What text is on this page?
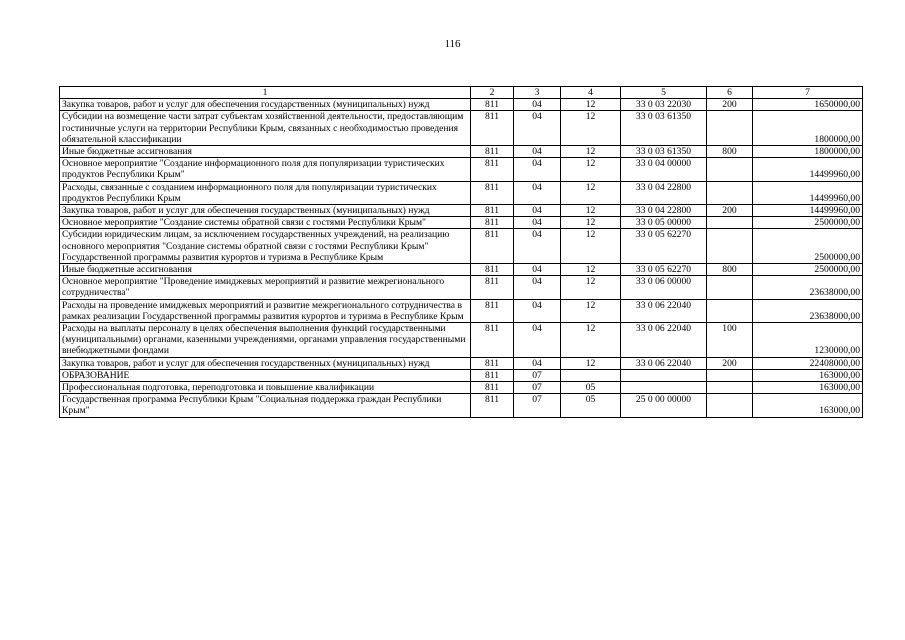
116
1	2	3	4	5	6	7
Закупка товаров, работ и услуг для обеспечения государственных (муниципальных) нужд	811	04	12	33 0 03 22030	200	1650000,00
Субсидии на возмещение части затрат субъектам хозяйственной деятельности, предоставляющим гостиничные услуги на территории Республики Крым, связанных с необходимостью проведения обязательной классификации	811	04	12	33 0 03 61350		1800000,00
Иные бюджетные ассигнования	811	04	12	33 0 03 61350	800	1800000,00
Основное мероприятие "Создание информационного поля для популяризации туристических продуктов Республики Крым"	811	04	12	33 0 04 00000		14499960,00
Расходы, связанные с созданием информационного поля для популяризации туристических продуктов Республики Крым	811	04	12	33 0 04 22800		14499960,00
Закупка товаров, работ и услуг для обеспечения государственных (муниципальных) нужд	811	04	12	33 0 04 22800	200	14499960,00
Основное мероприятие "Создание системы обратной связи с гостями Республики Крым"	811	04	12	33 0 05 00000		2500000,00
Субсидии юридическим лицам, за исключением государственных учреждений, на реализацию основного мероприятия "Создание системы обратной связи с гостями Республики Крым" Государственной программы развития курортов и туризма в Республике Крым	811	04	12	33 0 05 62270		2500000,00
Иные бюджетные ассигнования	811	04	12	33 0 05 62270	800	2500000,00
Основное мероприятие "Проведение имиджевых мероприятий и развитие межрегионального сотрудничества"	811	04	12	33 0 06 00000		23638000,00
Расходы на проведение имиджевых мероприятий и развитие межрегионального сотрудничества в рамках реализации Государственной программы развития курортов и туризма в Республике Крым	811	04	12	33 0 06 22040		23638000,00
Расходы на выплаты персоналу в целях обеспечения выполнения функций государственными (муниципальными) органами, казенными учреждениями, органами управления государственными внебюджетными фондами	811	04	12	33 0 06 22040	100	1230000,00
Закупка товаров, работ и услуг для обеспечения государственных (муниципальных) нужд	811	04	12	33 0 06 22040	200	22408000,00
ОБРАЗОВАНИЕ	811	07				163000,00
Профессиональная подготовка, переподготовка и повышение квалификации	811	07	05			163000,00
Государственная программа Республики Крым "Социальная поддержка граждан Республики Крым"	811	07	05	25 0 00 00000		163000,00
